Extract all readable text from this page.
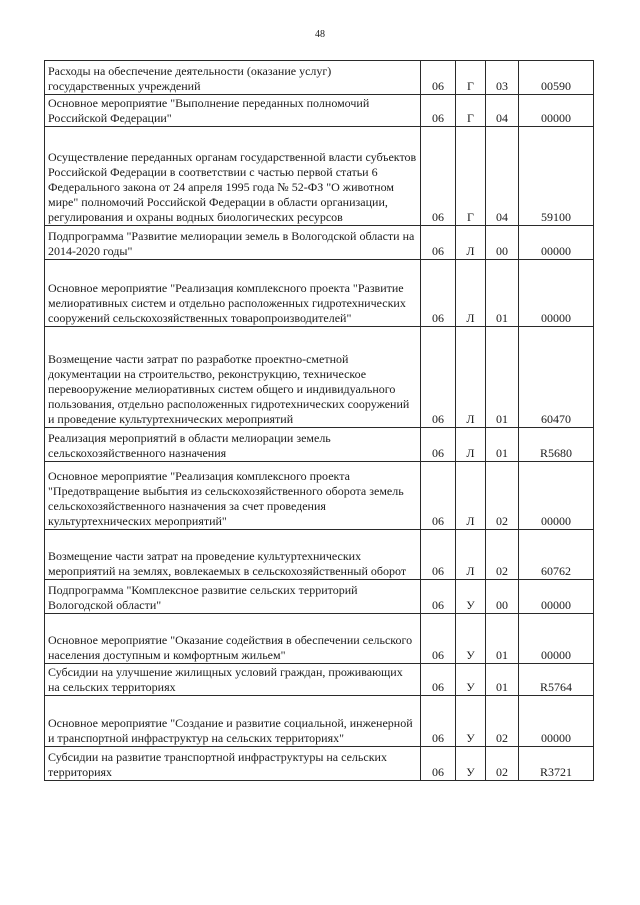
48
Расходы на обеспечение деятельности (оказание услуг) государственных учреждений	06	Г	03	00590
Основное мероприятие "Выполнение переданных полномочий Российской Федерации"	06	Г	04	00000
Осуществление переданных органам государственной власти субъектов Российской Федерации в соответствии с частью первой статьи 6 Федерального закона от 24 апреля 1995 года № 52-ФЗ "О животном мире" полномочий Российской Федерации в области организации, регулирования и охраны водных биологических ресурсов	06	Г	04	59100
Подпрограмма "Развитие мелиорации земель в Вологодской области на 2014-2020 годы"	06	Л	00	00000
Основное мероприятие "Реализация комплексного проекта "Развитие мелиоративных систем и отдельно расположенных гидротехнических сооружений сельскохозяйственных товаропроизводителей"	06	Л	01	00000
Возмещение части затрат по разработке проектно-сметной документации на строительство, реконструкцию, техническое перевооружение мелиоративных систем общего и индивидуального пользования, отдельно расположенных гидротехнических сооружений и проведение культуртехнических мероприятий	06	Л	01	60470
Реализация мероприятий в области мелиорации земель сельскохозяйственного назначения	06	Л	01	R5680
Основное мероприятие "Реализация комплексного проекта "Предотвращение выбытия из сельскохозяйственного оборота земель сельскохозяйственного назначения за счет проведения культуртехнических мероприятий"	06	Л	02	00000
Возмещение части затрат на проведение культуртехнических мероприятий на землях, вовлекаемых в сельскохозяйственный оборот	06	Л	02	60762
Подпрограмма "Комплексное развитие сельских территорий Вологодской области"	06	У	00	00000
Основное мероприятие "Оказание содействия в обеспечении сельского населения доступным и комфортным жильем"	06	У	01	00000
Субсидии на улучшение жилищных условий граждан, проживающих на сельских территориях	06	У	01	R5764
Основное мероприятие "Создание и развитие социальной, инженерной и транспортной инфраструктур на сельских территориях"	06	У	02	00000
Субсидии на развитие транспортной инфраструктуры на сельских территориях	06	У	02	R3721
